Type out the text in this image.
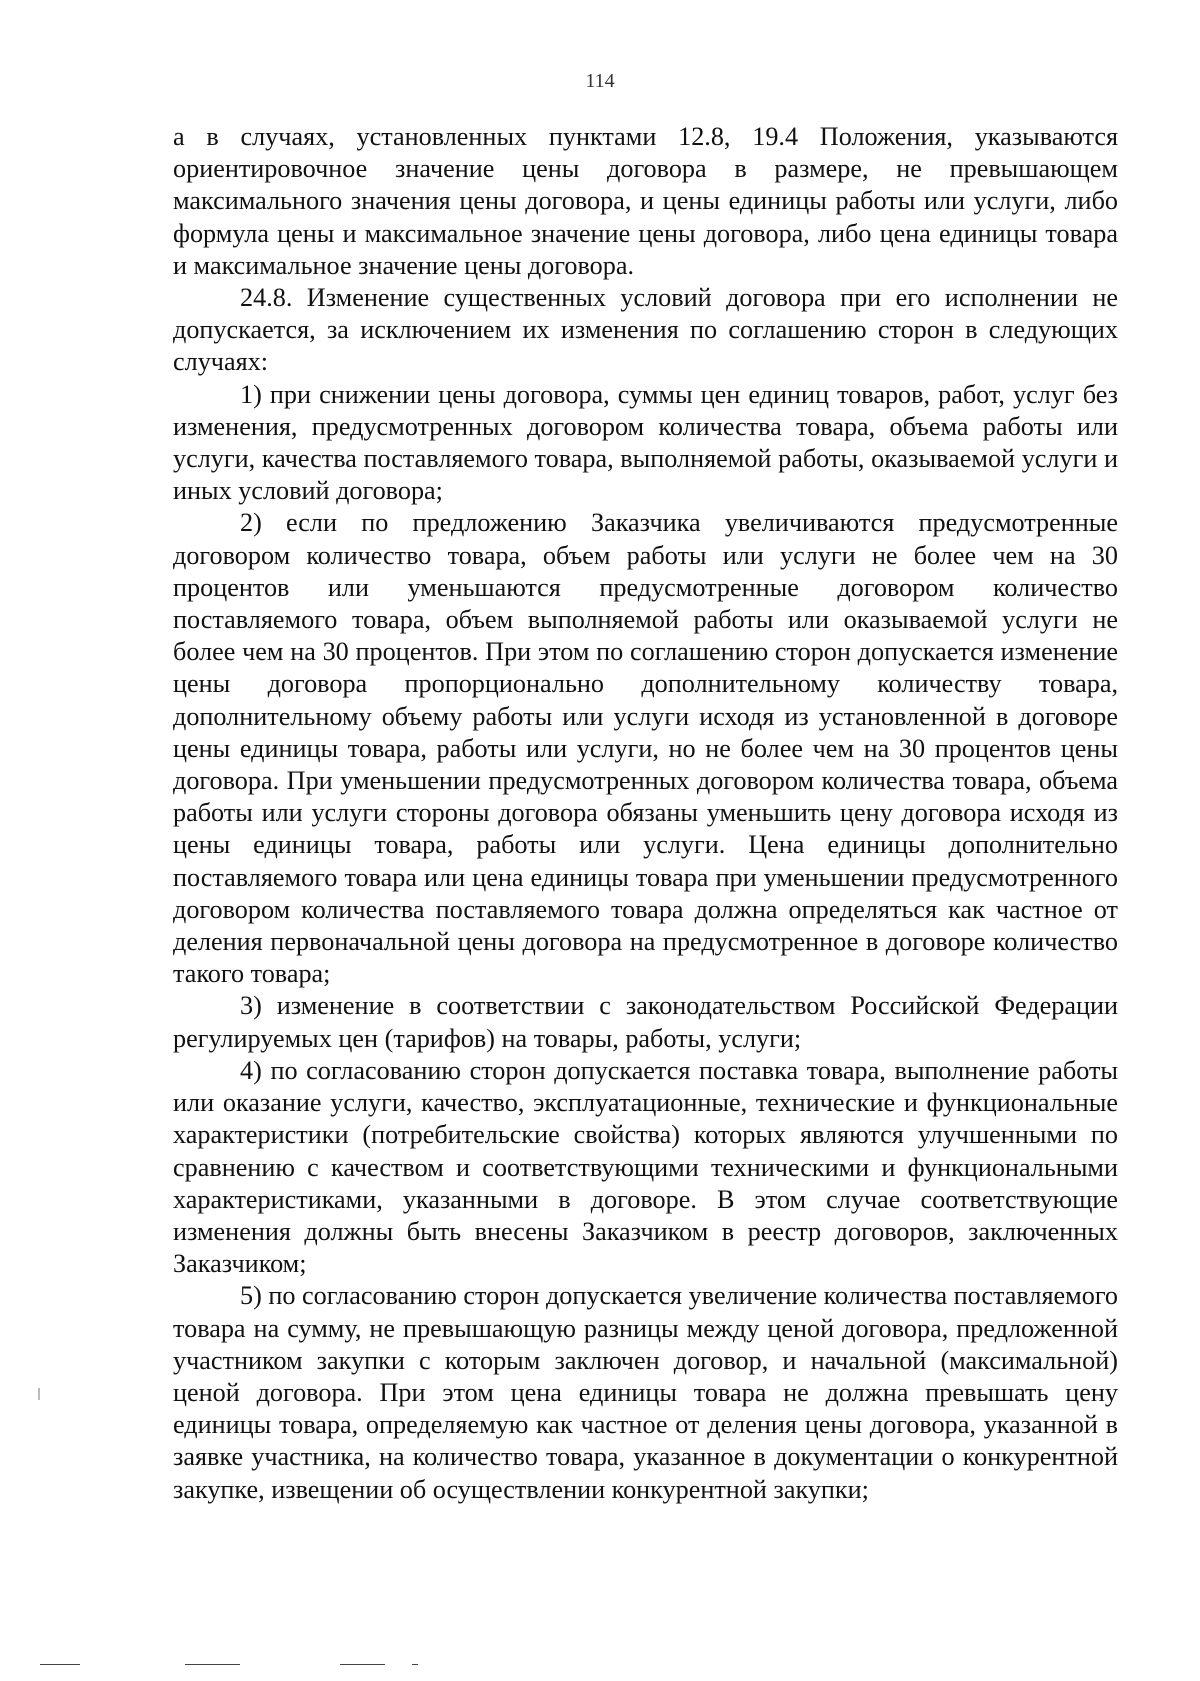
114

а в случаях, установленных пунктами 12.8, 19.4 Положения, указываются ориентировочное значение цены договора в размере, не превышающем максимального значения цены договора, и цены единицы работы или услуги, либо формула цены и максимальное значение цены договора, либо цена единицы товара и максимальное значение цены договора.

24.8. Изменение существенных условий договора при его исполнении не допускается, за исключением их изменения по соглашению сторон в следующих случаях:

1) при снижении цены договора, суммы цен единиц товаров, работ, услуг без изменения, предусмотренных договором количества товара, объема работы или услуги, качества поставляемого товара, выполняемой работы, оказываемой услуги и иных условий договора;

2) если по предложению Заказчика увеличиваются предусмотренные договором количество товара, объем работы или услуги не более чем на 30 процентов или уменьшаются предусмотренные договором количество поставляемого товара, объем выполняемой работы или оказываемой услуги не более чем на 30 процентов. При этом по соглашению сторон допускается изменение цены договора пропорционально дополнительному количеству товара, дополнительному объему работы или услуги исходя из установленной в договоре цены единицы товара, работы или услуги, но не более чем на 30 процентов цены договора. При уменьшении предусмотренных договором количества товара, объема работы или услуги стороны договора обязаны уменьшить цену договора исходя из цены единицы товара, работы или услуги. Цена единицы дополнительно поставляемого товара или цена единицы товара при уменьшении предусмотренного договором количества поставляемого товара должна определяться как частное от деления первоначальной цены договора на предусмотренное в договоре количество такого товара;

3) изменение в соответствии с законодательством Российской Федерации регулируемых цен (тарифов) на товары, работы, услуги;

4) по согласованию сторон допускается поставка товара, выполнение работы или оказание услуги, качество, эксплуатационные, технические и функциональные характеристики (потребительские свойства) которых являются улучшенными по сравнению с качеством и соответствующими техническими и функциональными характеристиками, указанными в договоре. В этом случае соответствующие изменения должны быть внесены Заказчиком в реестр договоров, заключенных Заказчиком;

5) по согласованию сторон допускается увеличение количества поставляемого товара на сумму, не превышающую разницы между ценой договора, предложенной участником закупки с которым заключен договор, и начальной (максимальной) ценой договора. При этом цена единицы товара не должна превышать цену единицы товара, определяемую как частное от деления цены договора, указанной в заявке участника, на количество товара, указанное в документации о конкурентной закупке, извещении об осуществлении конкурентной закупки;
